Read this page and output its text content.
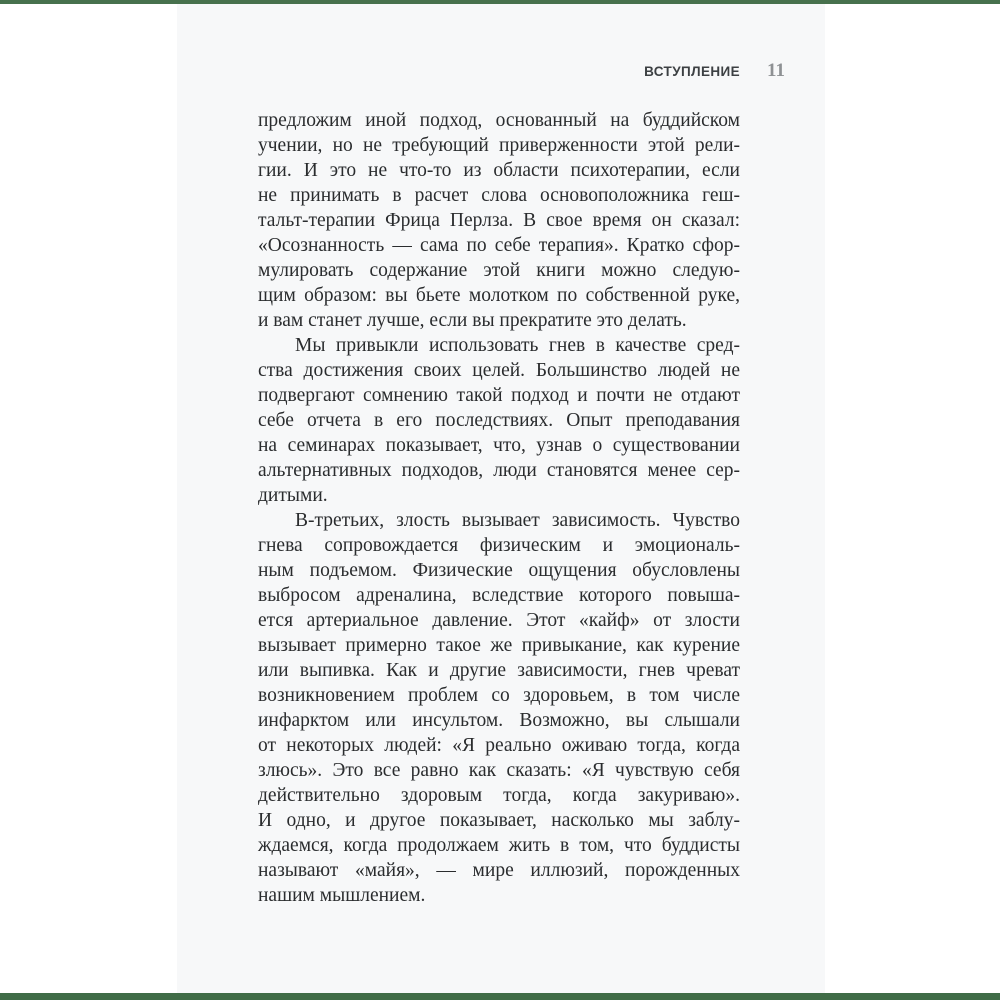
ВСТУПЛЕНИЕ 11
предложим иной подход, основанный на буддийском
учении, но не требующий приверженности этой рели-
гии. И это не что-то из области психотерапии, если
не принимать в расчет слова основоположника геш-
тальт-терапии Фрица Перлза. В свое время он сказал:
«Осознанность — сама по себе терапия». Кратко сфор-
мулировать содержание этой книги можно следую-
щим образом: вы бьете молотком по собственной руке,
и вам станет лучше, если вы прекратите это делать.
Мы привыкли использовать гнев в качестве сред-
ства достижения своих целей. Большинство людей не
подвергают сомнению такой подход и почти не отдают
себе отчета в его последствиях. Опыт преподавания
на семинарах показывает, что, узнав о существовании
альтернативных подходов, люди становятся менее сер-
дитыми.
В-третьих, злость вызывает зависимость. Чувство
гнева сопровождается физическим и эмоциональ-
ным подъемом. Физические ощущения обусловлены
выбросом адреналина, вследствие которого повыша-
ется артериальное давление. Этот «кайф» от злости
вызывает примерно такое же привыкание, как курение
или выпивка. Как и другие зависимости, гнев чреват
возникновением проблем со здоровьем, в том числе
инфарктом или инсультом. Возможно, вы слышали
от некоторых людей: «Я реально оживаю тогда, когда
злюсь». Это все равно как сказать: «Я чувствую себя
действительно здоровым тогда, когда закуриваю».
И одно, и другое показывает, насколько мы заблу-
ждаемся, когда продолжаем жить в том, что буддисты
называют «майя», — мире иллюзий, порожденных
нашим мышлением.
